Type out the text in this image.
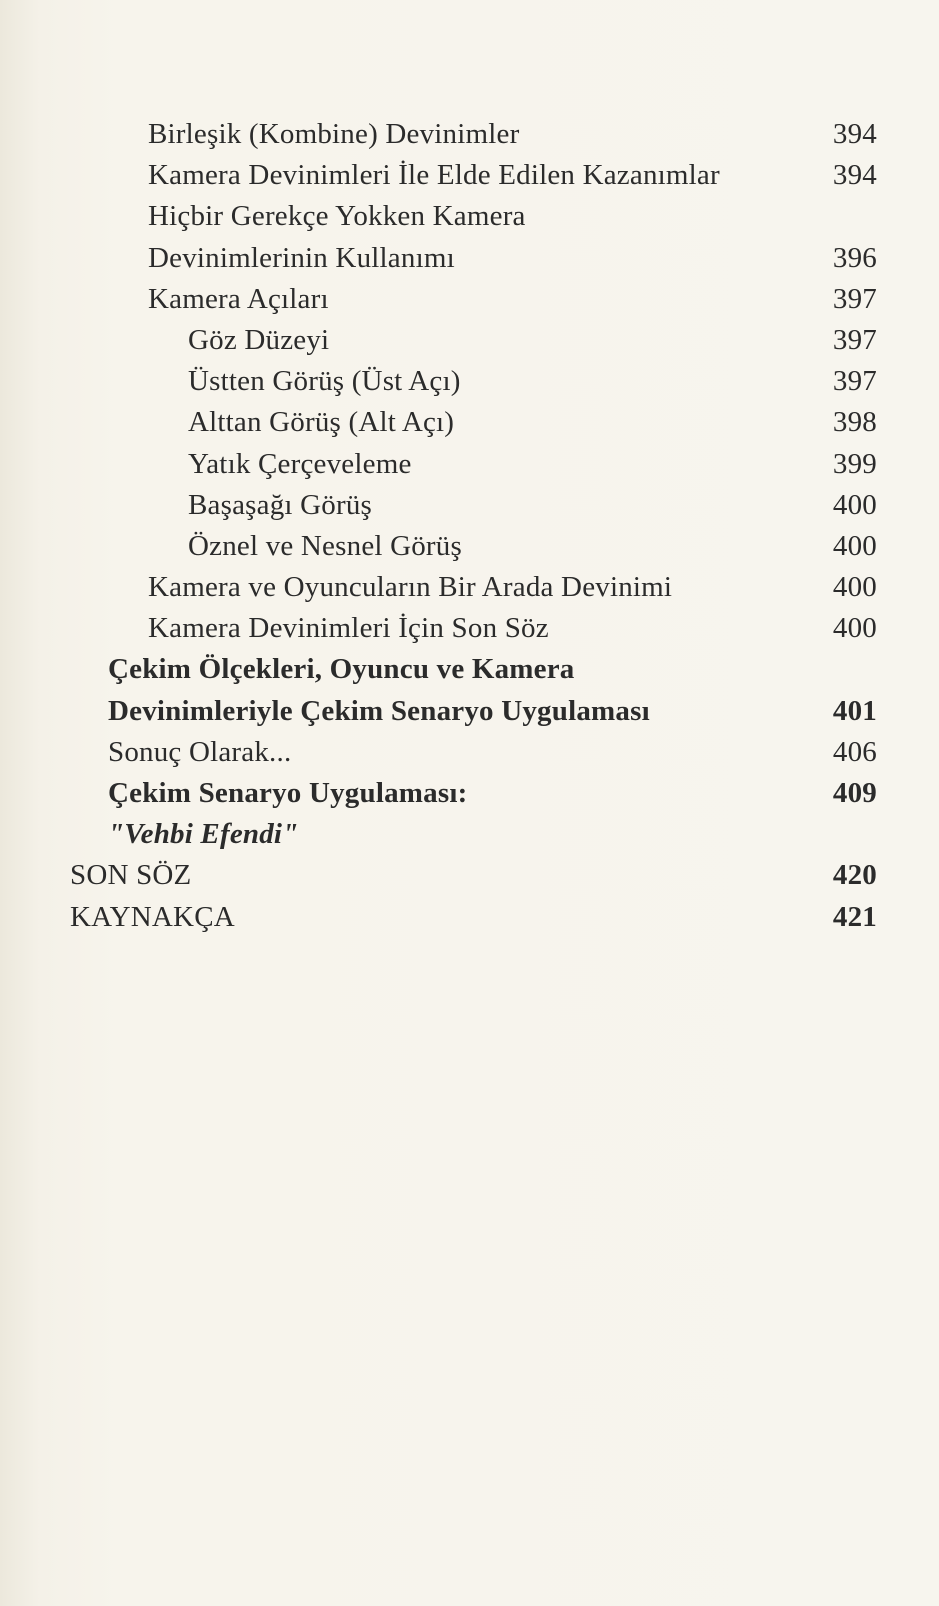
Birleşik (Kombine) Devinimler	394
Kamera Devinimleri İle Elde Edilen Kazanımlar	394
Hiçbir Gerekçe Yokken Kamera
Devinimlerinin Kullanımı	396
Kamera Açıları	397
Göz Düzeyi	397
Üstten Görüş (Üst Açı)	397
Alttan Görüş (Alt Açı)	398
Yatık Çerçeveleme	399
Başaşağı Görüş	400
Öznel ve Nesnel Görüş	400
Kamera ve Oyuncuların Bir Arada Devinimi	400
Kamera Devinimleri İçin Son Söz	400
Çekim Ölçekleri, Oyuncu ve Kamera
Devinimleriyle Çekim Senaryo Uygulaması	401
Sonuç Olarak...	406
Çekim Senaryo Uygulaması:	409
"Vehbi Efendi"
SON SÖZ	420
KAYNAKÇA	421
